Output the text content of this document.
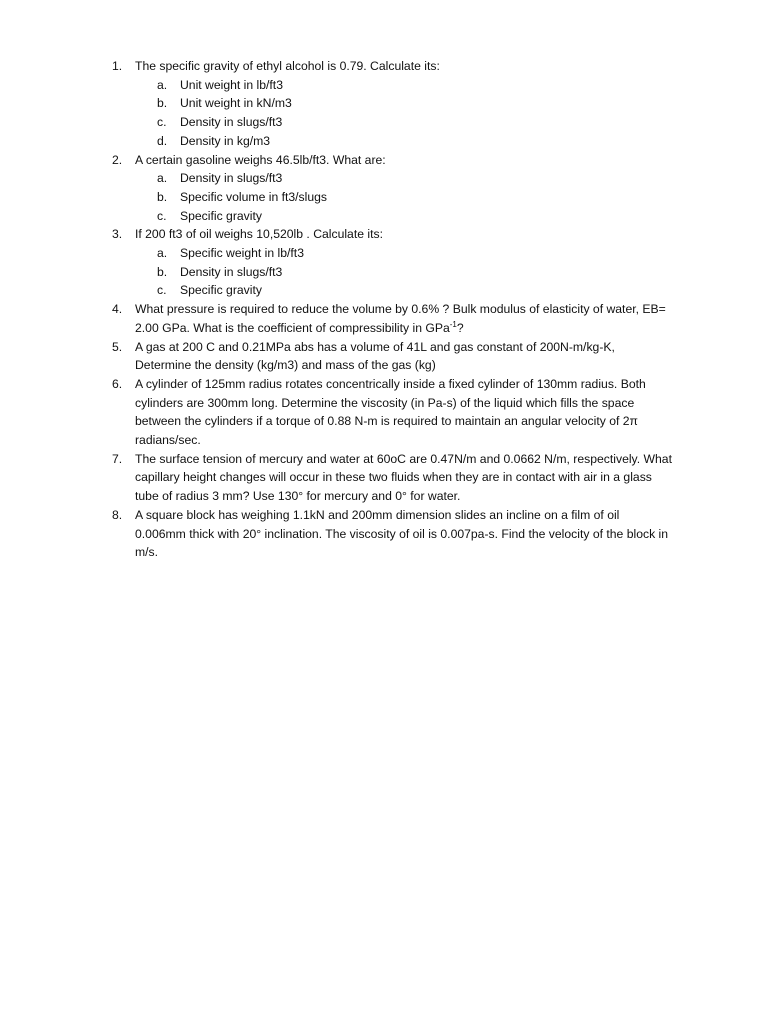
1.	The specific gravity of ethyl alcohol is 0.79. Calculate its:
a. Unit weight in lb/ft3
b. Unit weight in kN/m3
c. Density in slugs/ft3
d. Density in kg/m3
2.	A certain gasoline weighs 46.5lb/ft3. What are:
a. Density in slugs/ft3
b. Specific volume in ft3/slugs
c. Specific gravity
3.	If 200 ft3 of oil weighs 10,520lb . Calculate its:
a. Specific weight in lb/ft3
b. Density in slugs/ft3
c. Specific gravity
4.	What pressure is required to reduce the volume by 0.6% ? Bulk modulus of elasticity of water, EB= 2.00 GPa. What is the coefficient of compressibility in GPa$^{-1}$?
5.	A gas at 200 C and 0.21MPa abs has a volume of 41L and gas constant of 200N-m/kg-K, Determine the density (kg/m3) and mass of the gas (kg)
6.	A cylinder of 125mm radius rotates concentrically inside a fixed cylinder of 130mm radius. Both cylinders are 300mm long. Determine the viscosity (in Pa-s) of the liquid which fills the space between the cylinders if a torque of 0.88 N-m is required to maintain an angular velocity of 2π radians/sec.
7.	The surface tension of mercury and water at 60oC are 0.47N/m and 0.0662 N/m, respectively. What capillary height changes will occur in these two fluids when they are in contact with air in a glass tube of radius 3 mm? Use 130° for mercury and 0° for water.
8.	A square block has weighing 1.1kN and 200mm dimension slides an incline on a film of oil 0.006mm thick with 20° inclination. The viscosity of oil is 0.007pa-s. Find the velocity of the block in m/s.
